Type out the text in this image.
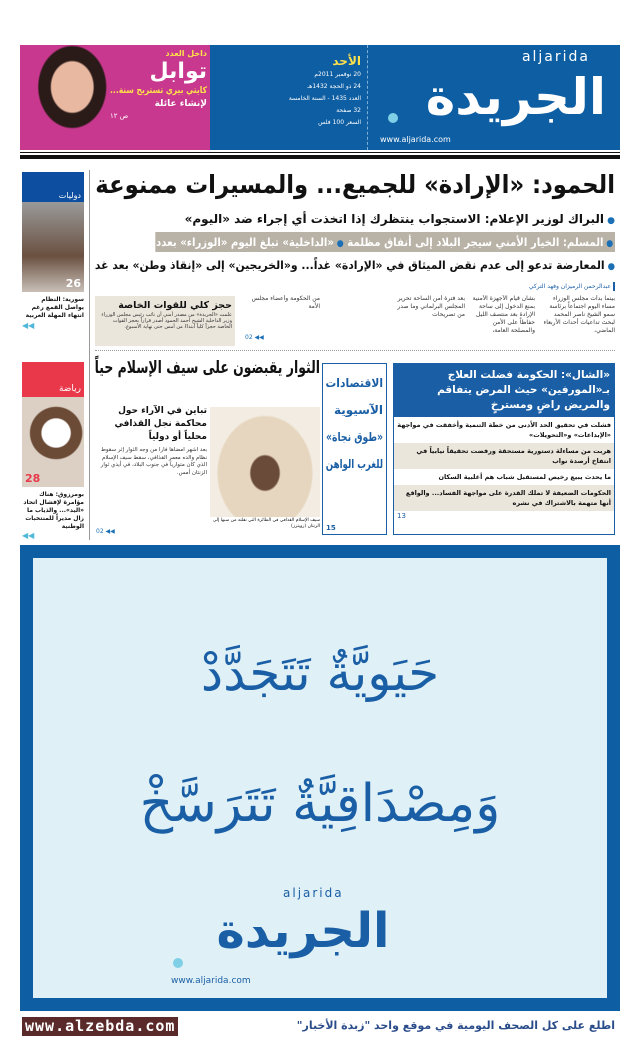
داخل العدد
توابل
كايتي بيري تستريح سنة...
لإنشاء عائلة
ص ١٢
الأحد
20 نوفمبر 2011م
24 ذو الحجة 1432هـ
العدد 1435 - السنة الخامسة
32 صفحة
السعر 100 فلس
aljarida
الجريدة
www.aljarida.com
دوليات
26
سورية: النظام يواصل القمع رغم انتهاء المهلة العربية
◀◀
رياضة
28
بومرزوق: هناك مؤامرة لإفشال اتحاد «اليد»... والذياب ما زال مديراً للمنتخبات الوطنية
◀◀
الحمود: «الإرادة» للجميع... والمسيرات ممنوعة
● البراك لوزير الإعلام: الاستجواب ينتظرك إذا اتخذت أي إجراء ضد «اليوم»
● المسلم: الخيار الأمني سيجر البلاد إلى أنفاق مظلمة ● «الداخلية» تبلغ اليوم «الوزراء» بعدد المضبوطين
● المعارضة تدعو إلى عدم نقض الميثاق في «الإرادة» غداً... و«الخريجين» إلى «إنقاذ وطن» بعد غد
عبدالرحمن الرميزان وفهد التركي
بينما بدأت مجلس الوزراء مساء اليوم اجتماعاً برئاسة سمو الشيخ ناصر المحمد لبحث تداعيات أحداث الأربعاء الماضي،
بشأن قيام الأجهزة الأمنية بمنع الدخول إلى ساحة الإرادة بعد منتصف الليل حفاظاً على الأمن والمصلحة العامة،
بعد فترة أمن الساحة تحرير المجلس البرلماني وما صدر من تصريحات
من الحكومة وأعضاء مجلس الأمة
02 ◀◀
حجز كلي للقوات الخاصة
علمت «الجريدة» من مصدر أمني أن نائب رئيس مجلس الوزراء وزير الداخلية الشيخ أحمد الحمود أصدر قراراً بحجز القوات الخاصة حجزاً كلياً ابتداءً من أمس حتى نهاية الأسبوع.
الثوار يقبضون على سيف الإسلام حياً
سيف الإسلام القذافي في الطائرة التي نقلته من سبها إلى الزنتان (رويترز)
تباين في الآراء حول محاكمة نجل القذافي محلياً أو دولياً
بعد أشهر أمضاها فاراً من وجه الثوار إثر سقوط نظام والده معمر القذافي، سقط سيف الإسلام الذي كان متوارياً في جنوب البلاد، في أيدي ثوار الزنتان أمس.
02 ◀◀
الاقتصادات
الآسيوية
«طوق نجاة»
للغرب الواهن
15
«الشال»: الحكومة فضلت العلاج بـ«المورفين» حيث المرض يتفاقم والمريض راضٍ ومسترخٍ
فشلت في تحقيق الحد الأدنى من خطة التنمية وأخفقت في مواجهة «الإبداعات» و«التحويلات»
هربت من مساءلة دستورية مستحقة ورفضت تحقيقاً نيابياً في انتفاخ أرصدة نواب
ما يحدث يبيع رخيص لمستقبل شباب هم أغلبية السكان
الحكومات الضعيفة لا تملك القدرة على مواجهة الفساد... والواقع أنها متهمة بالاشتراك في نشره
13
حَيَويَّةٌ تَتَجَدَّدْ
وَمِصْدَاقِيَّةٌ تَتَرَسَّخْ
aljarida
الجريدة
www.aljarida.com
www.alzebda.com	اطلع على كل الصحف اليومية في موقع واحد "زبدة الأخبار"
